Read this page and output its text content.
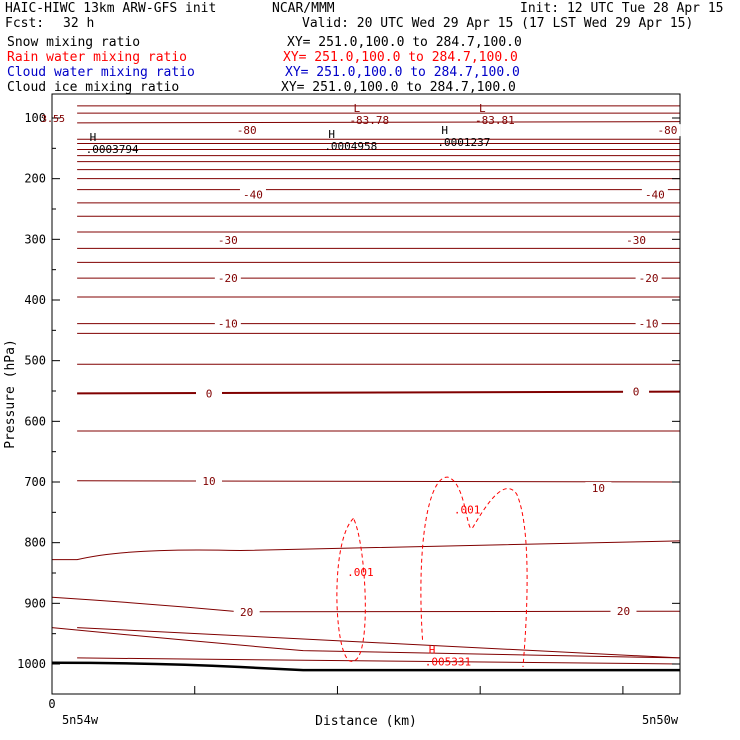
HAIC-HIWC 13km ARW-GFS init	NCAR/MMM	Init: 12 UTC Tue 28 Apr 15
Fcst: 32 h	Valid: 20 UTC Wed 29 Apr 15 (17 LST Wed 29 Apr 15)
Snow mixing ratio	XY= 251.0,100.0 to 284.7,100.0
Rain water mixing ratio	XY= 251.0,100.0 to 284.7,100.0
Cloud water mixing ratio	XY= 251.0,100.0 to 284.7,100.0
Cloud ice mixing ratio	XY= 251.0,100.0 to 284.7,100.0
100
200
300
400
500
600
700
800
900
1000
Distance (km)
Pressure (hPa)
0
5n54w	5n50w
-80	-80
-40	-40
-30	-30
-20	-20
-10	-10
0	0
10
10
20	20
3.55
L
-83.78
L
-83.81
H
.0003794
H
.0004958
H
.0001237
H
.005331
.001
.001
